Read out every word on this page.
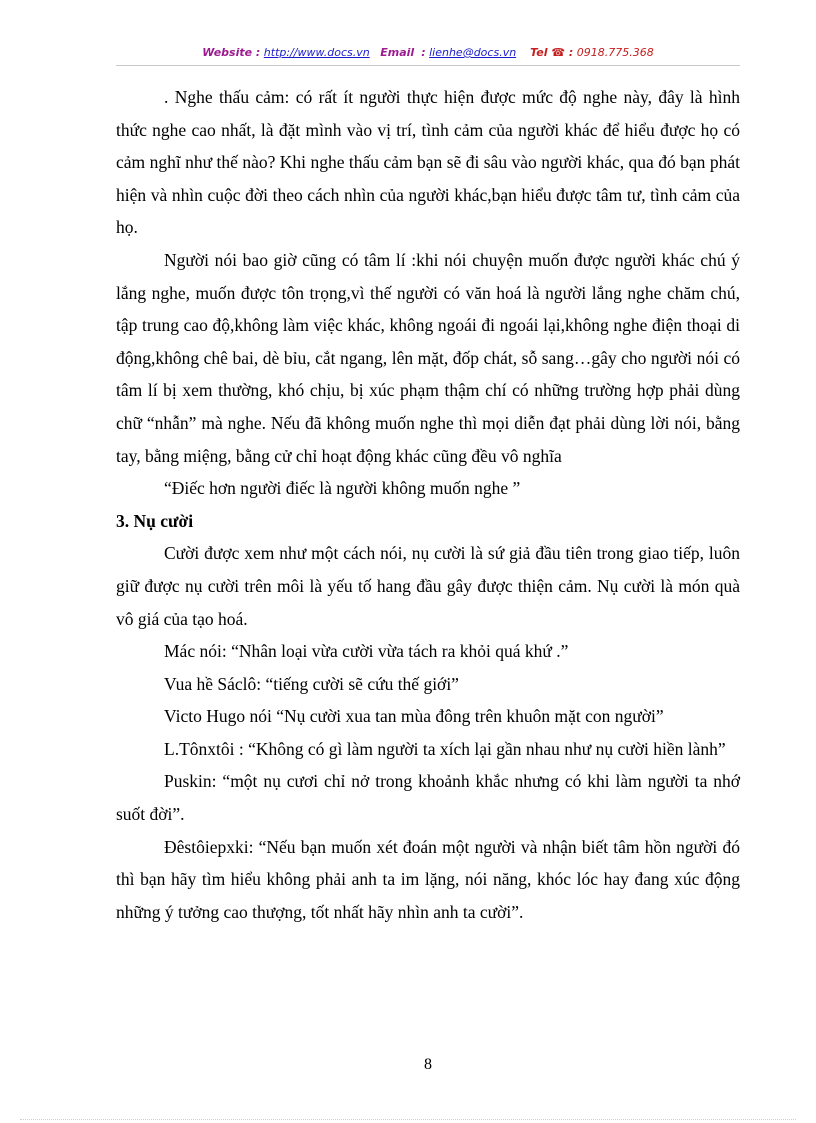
Website : http://www.docs.vn Email : lienhe@docs.vn Tel ☎ : 0918.775.368

. Nghe thấu cảm: có rất ít người thực hiện được mức độ nghe này, đây là hình thức nghe cao nhất, là đặt mình vào vị trí, tình cảm của người khác để hiểu được họ có cảm nghĩ như thế nào? Khi nghe thấu cảm bạn sẽ đi sâu vào người khác, qua đó bạn phát hiện và nhìn cuộc đời theo cách nhìn của người khác,bạn hiểu được tâm tư, tình cảm của họ.

Người nói bao giờ cũng có tâm lí :khi nói chuyện muốn được người khác chú ý lắng nghe, muốn được tôn trọng,vì thế người có văn hoá là người lắng nghe chăm chú, tập trung cao độ,không làm việc khác, không ngoái đi ngoái lại,không nghe điện thoại di động,không chê bai, dè bỉu, cắt ngang, lên mặt, đốp chát, sỗ sang…gây cho người nói có tâm lí bị xem thường, khó chịu, bị xúc phạm thậm chí có những trường hợp phải dùng chữ “nhẫn” mà nghe. Nếu đã không muốn nghe thì mọi diễn đạt phải dùng lời nói, bằng tay, bằng miệng, bằng cử chỉ hoạt động khác cũng đều vô nghĩa

“Điếc hơn người điếc là người không muốn nghe ”

3. Nụ cười

Cười được xem như một cách nói, nụ cười là sứ giả đầu tiên trong giao tiếp, luôn giữ được nụ cười trên môi là yếu tố hang đầu gây được thiện cảm. Nụ cười là món quà vô giá của tạo hoá.

Mác nói: “Nhân loại vừa cười vừa tách ra khỏi quá khứ .”

Vua hề Sáclô: “tiếng cười sẽ cứu thế giới”

Victo Hugo nói “Nụ cười xua tan mùa đông trên khuôn mặt con người”

L.Tônxtôi : “Không có gì làm người ta xích lại gần nhau như nụ cười hiền lành”

Puskin: “một nụ cươi chỉ nở trong khoảnh khắc nhưng có khi làm người ta nhớ suốt đời”.

Đêstôiepxki: “Nếu bạn muốn xét đoán một người và nhận biết tâm hồn người đó thì bạn hãy tìm hiểu không phải anh ta im lặng, nói năng, khóc lóc hay đang xúc động những ý tưởng cao thượng, tốt nhất hãy nhìn anh ta cười”.

8
